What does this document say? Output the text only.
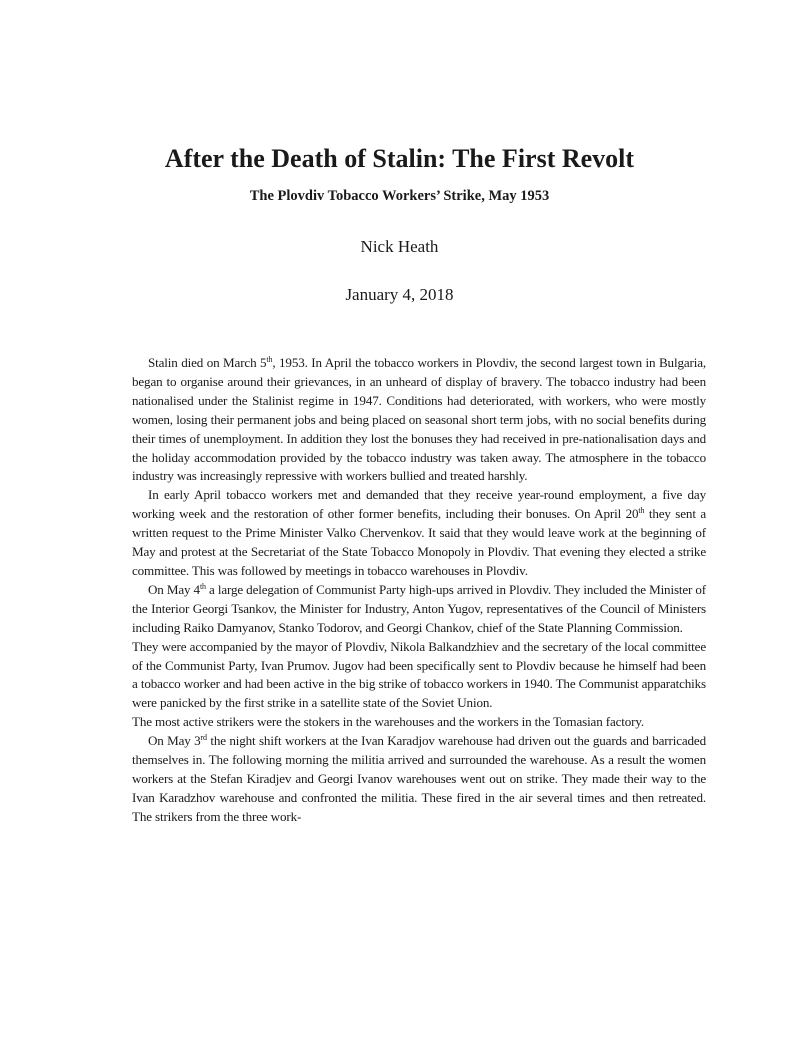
After the Death of Stalin: The First Revolt
The Plovdiv Tobacco Workers’ Strike, May 1953
Nick Heath
January 4, 2018

Stalin died on March 5th, 1953. In April the tobacco workers in Plovdiv, the second largest town in Bulgaria, began to organise around their grievances, in an unheard of display of bravery. The tobacco industry had been nationalised under the Stalinist regime in 1947. Conditions had deteriorated, with workers, who were mostly women, losing their permanent jobs and being placed on seasonal short term jobs, with no social benefits during their times of unemployment. In addition they lost the bonuses they had received in pre-nationalisation days and the holiday accommodation provided by the tobacco industry was taken away. The atmosphere in the tobacco industry was increasingly repressive with workers bullied and treated harshly.

In early April tobacco workers met and demanded that they receive year-round employment, a five day working week and the restoration of other former benefits, including their bonuses. On April 20th they sent a written request to the Prime Minister Valko Chervenkov. It said that they would leave work at the beginning of May and protest at the Secretariat of the State Tobacco Monopoly in Plovdiv. That evening they elected a strike committee. This was followed by meetings in tobacco warehouses in Plovdiv.

On May 4th a large delegation of Communist Party high-ups arrived in Plovdiv. They included the Minister of the Interior Georgi Tsankov, the Minister for Industry, Anton Yugov, representatives of the Council of Ministers including Raiko Damyanov, Stanko Todorov, and Georgi Chankov, chief of the State Planning Commission.

They were accompanied by the mayor of Plovdiv, Nikola Balkandzhiev and the secretary of the local committee of the Communist Party, Ivan Prumov. Jugov had been specifically sent to Plovdiv because he himself had been a tobacco worker and had been active in the big strike of tobacco workers in 1940. The Communist apparatchiks were panicked by the first strike in a satellite state of the Soviet Union.

The most active strikers were the stokers in the warehouses and the workers in the Tomasian factory.

On May 3rd the night shift workers at the Ivan Karadjov warehouse had driven out the guards and barricaded themselves in. The following morning the militia arrived and surrounded the warehouse. As a result the women workers at the Stefan Kiradjev and Georgi Ivanov warehouses went out on strike. They made their way to the Ivan Karadzhov warehouse and confronted the militia. These fired in the air several times and then retreated. The strikers from the three work-
